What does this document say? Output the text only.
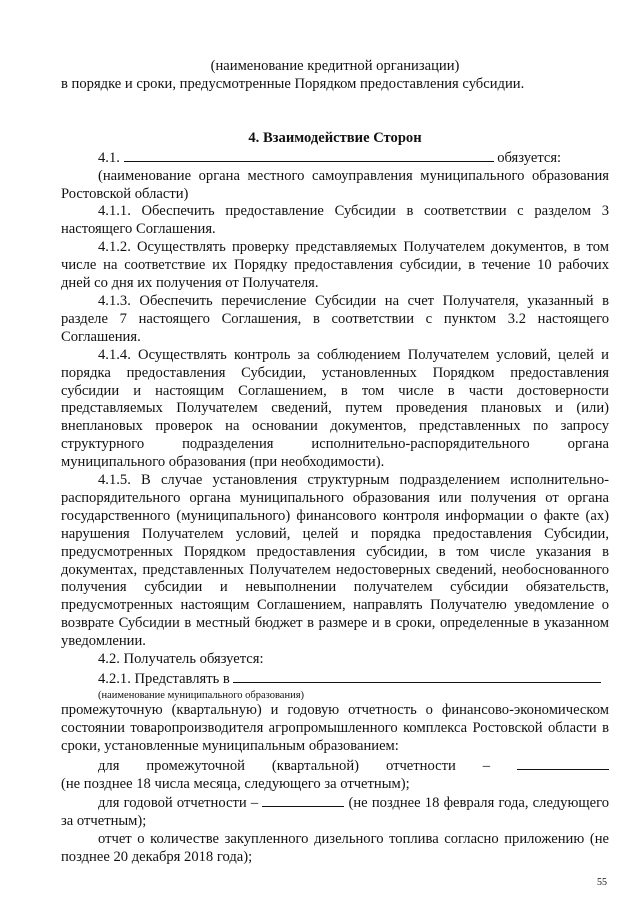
(наименование кредитной организации)

в порядке и сроки, предусмотренные Порядком предоставления субсидии.

4. Взаимодействие Сторон

4.1.	обязуется:

(наименование органа местного самоуправления муниципального образования Ростовской области)

4.1.1. Обеспечить предоставление Субсидии в соответствии с разделом 3 настоящего Соглашения.

4.1.2. Осуществлять проверку представляемых Получателем документов, в том числе на соответствие их Порядку предоставления субсидии, в течение 10 рабочих дней со дня их получения от Получателя.

4.1.3. Обеспечить перечисление Субсидии на счет Получателя, указанный в разделе 7 настоящего Соглашения, в соответствии с пунктом 3.2 настоящего Соглашения.

4.1.4. Осуществлять контроль за соблюдением Получателем условий, целей и порядка предоставления Субсидии, установленных Порядком предоставления субсидии и настоящим Соглашением, в том числе в части достоверности представляемых Получателем сведений, путем проведения плановых и (или) внеплановых проверок на основании документов, представленных по запросу структурного подразделения исполнительно-распорядительного органа муниципального образования (при необходимости).

4.1.5. В случае установления структурным подразделением исполнительно-распорядительного органа муниципального образования или получения от органа государственного (муниципального) финансового контроля информации о факте (ах) нарушения Получателем условий, целей и порядка предоставления Субсидии, предусмотренных Порядком предоставления субсидии, в том числе указания в документах, представленных Получателем недостоверных сведений, необоснованного получения субсидии и невыполнении получателем субсидии обязательств, предусмотренных настоящим Соглашением, направлять Получателю уведомление о возврате Субсидии в местный бюджет в размере и в сроки, определенные в указанном уведомлении.

4.2. Получатель обязуется:

4.2.1. Представлять в

(наименование муниципального образования)

промежуточную (квартальную) и годовую отчетность о финансово-экономическом состоянии товаропроизводителя агропромышленного комплекса Ростовской области в сроки, установленные муниципальным образованием:

для промежуточной (квартальной) отчетности –

(не позднее 18 числа месяца, следующего за отчетным);

для годовой отчетности –	(не позднее 18 февраля года, следующего за отчетным);

отчет о количестве закупленного дизельного топлива согласно приложению (не позднее 20 декабря 2018 года);

55
